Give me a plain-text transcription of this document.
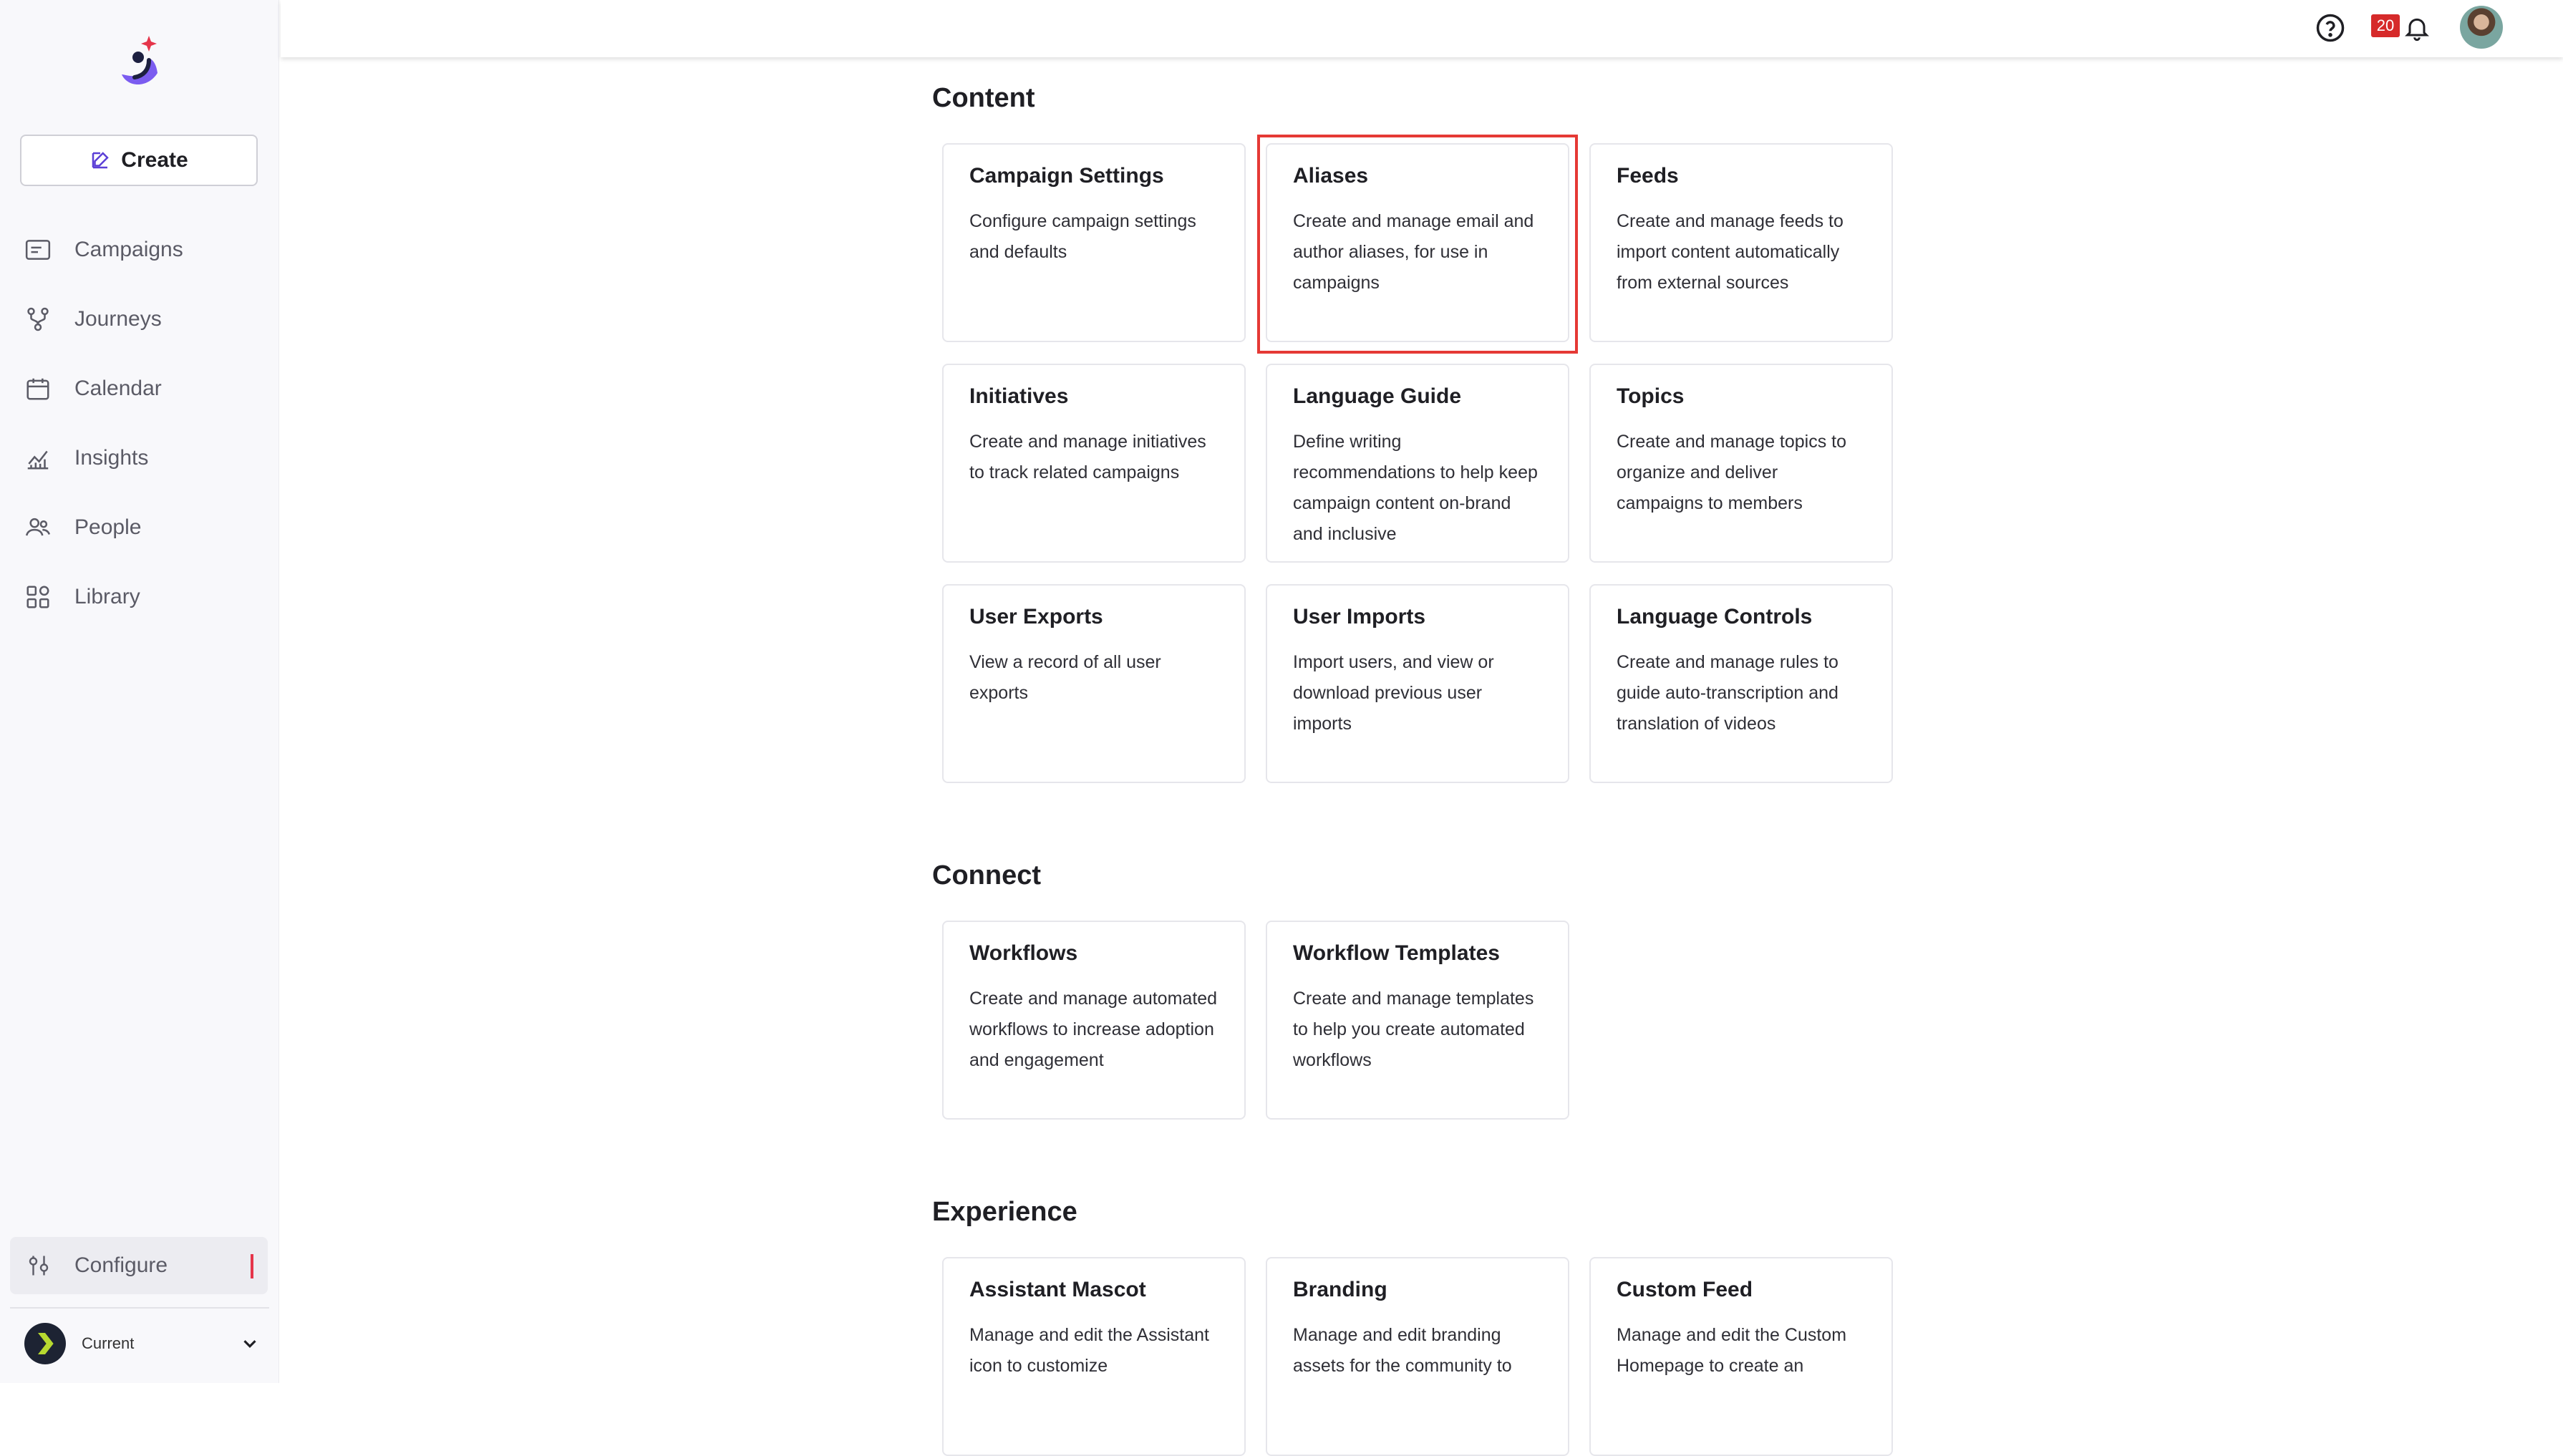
Create
Campaigns
Journeys
Calendar
Insights
People
Library
Configure
Current
20
Content
Campaign Settings
Configure campaign settings and defaults
Aliases
Create and manage email and author aliases, for use in campaigns
Feeds
Create and manage feeds to import content automatically from external sources
Initiatives
Create and manage initiatives to track related campaigns
Language Guide
Define writing recommendations to help keep campaign content on-brand and inclusive
Topics
Create and manage topics to organize and deliver campaigns to members
User Exports
View a record of all user exports
User Imports
Import users, and view or download previous user imports
Language Controls
Create and manage rules to guide auto-transcription and translation of videos
Connect
Workflows
Create and manage automated workflows to increase adoption and engagement
Workflow Templates
Create and manage templates to help you create automated workflows
Experience
Assistant Mascot
Manage and edit the Assistant icon to customize
Branding
Manage and edit branding assets for the community to
Custom Feed
Manage and edit the Custom Homepage to create an
